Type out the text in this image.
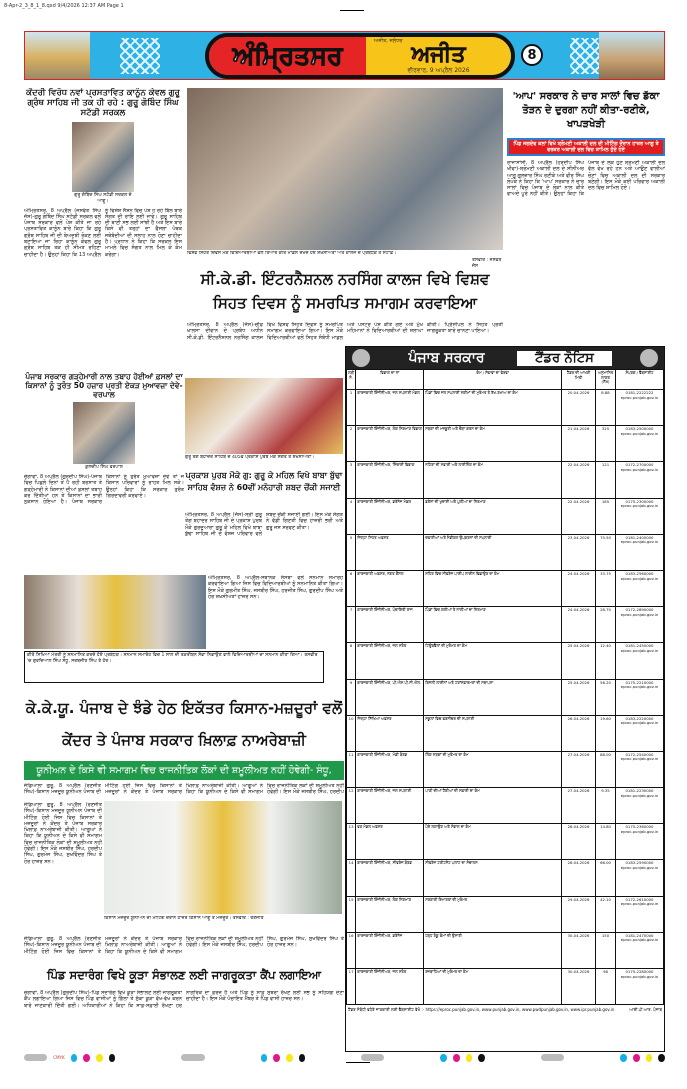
8-Apr-2_3_8_1_8.qxd 9/4/2026 12:37 AM Page 1
ਅੰਮ੍ਰਿਤਸਰ	ਅਜੀਤ, ਜਲੰਧਰ
ਅਜੀਤ
ਵੀਰਵਾਰ, 9 ਅਪ੍ਰੈਲ 2026
8
ਕੇਂਦਰੀ ਵਿਰੋਧ ਨਵਾਂ ਪ੍ਰਸਤਾਵਿਤ ਕਾਨੂੰਨ ਕੇਵਲ ਗੁਰੂ ਗ੍ਰੰਥ ਸਾਹਿਬ ਜੀ ਤਕ ਹੀ ਰਹੇ : ਗੁਰੂ ਗੋਬਿੰਦ ਸਿੰਘ ਸਟੱਡੀ ਸਰਕਲ
ਗੁਰੂ ਗੋਬਿੰਦ ਸਿੰਘ ਸਟੱਡੀ ਸਰਕਲ ਦੇ ਆਗੂ।
ਅੰਮ੍ਰਿਤਸਰ, 8 ਅਪ੍ਰੈਲ (ਜਸਵੰਤ ਸਿੰਘ ਜੱਸ)-ਗੁਰੂ ਗੋਬਿੰਦ ਸਿੰਘ ਸਟੱਡੀ ਸਰਕਲ ਵਲੋਂ ਪੰਜਾਬ ਸਰਕਾਰ ਵਲੋਂ ਪੇਸ਼ ਕੀਤੇ ਜਾ ਰਹੇ ਪ੍ਰਸਤਾਵਿਤ ਕਾਨੂੰਨ ਬਾਰੇ ਕਿਹਾ ਕਿ ਗੁਰੂ ਗ੍ਰੰਥ ਸਾਹਿਬ ਜੀ ਦੀ ਬੇਅਦਬੀ ਰੋਕਣ ਲਈ ਬਣਾਇਆ ਜਾ ਰਿਹਾ ਕਾਨੂੰਨ ਕੇਵਲ ਗੁਰੂ ਗ੍ਰੰਥ ਸਾਹਿਬ ਤਕ ਹੀ ਸੀਮਤ ਰਹਿਣਾ ਚਾਹੀਦਾ ਹੈ। ਉਨ੍ਹਾਂ ਕਿਹਾ ਕਿ 13 ਅਪ੍ਰੈਲ ਨੂੰ ਵਿਸ਼ੇਸ਼ ਸੈਸ਼ਨ ਵਿਚ ਪੇਸ਼ ਹੋ ਰਹੇ ਬਿੱਲ ਬਾਰੇ ਸੰਗਤ ਦੀ ਰਾਇ ਲਈ ਜਾਵੇ। ਗੁਰੂ ਸਾਹਿਬ ਦੀ ਬਾਣੀ ਸਭ ਲਈ ਸਾਂਝੀ ਹੈ ਅਤੇ ਇਸ ਬਾਰੇ ਕਿਸੇ ਵੀ ਤਰ੍ਹਾਂ ਦਾ ਫੈਸਲਾ ਪੰਥਕ ਜਥੇਬੰਦੀਆਂ ਦੀ ਸਲਾਹ ਨਾਲ ਹੋਣਾ ਚਾਹੀਦਾ ਹੈ। ਪ੍ਰਧਾਨ ਨੇ ਕਿਹਾ ਕਿ ਸਰਕਲ ਇਸ ਮਾਮਲੇ ਵਿਚ ਸੰਗਤ ਨਾਲ ਮਿਲ ਕੇ ਕੰਮ ਕਰੇਗਾ।	ਵਿਸ਼ਵ ਸਿਹਤ ਦਿਵਸ ਮੌਕੇ ਵਿਦਿਆਰਥੀਆਂ ਵਲੋਂ ਤਿਆਰ ਕੀਤੇ ਮਾਡਲ ਦੇਖਦੇ ਹੋਏ ਸ਼ਖ਼ਸੀਅਤਾਂ ਅਤੇ ਕਾਲਜ ਦੇ ਪ੍ਰਬੰਧਕ ਤੇ ਸਟਾਫ਼।
ਤਸਵੀਰ : ਜਸਵੰਤ ਜੱਸ
ਸੀ.ਕੇ.ਡੀ. ਇੰਟਰਨੈਸ਼ਨਲ ਨਰਸਿੰਗ ਕਾਲਜ ਵਿਖੇ ਵਿਸ਼ਵ ਸਿਹਤ ਦਿਵਸ ਨੂੰ ਸਮਰਪਿਤ ਸਮਾਗਮ ਕਰਵਾਇਆ
ਅੰਮ੍ਰਿਤਸਰ, 8 ਅਪ੍ਰੈਲ (ਜੱਸ)-ਚੀਫ਼ ਖ਼ਾਲਸਾ ਦੀਵਾਨ ਦੇ ਪ੍ਰਬੰਧ ਅਧੀਨ ਸੀ.ਕੇ.ਡੀ. ਇੰਟਰਨੈਸ਼ਨਲ ਨਰਸਿੰਗ ਕਾਲਜ ਵਿਖੇ ਵਿਸ਼ਵ ਸਿਹਤ ਦਿਵਸ ਨੂੰ ਸਮਰਪਿਤ ਸਮਾਗਮ ਕਰਵਾਇਆ ਗਿਆ। ਇਸ ਮੌਕੇ ਵਿਦਿਆਰਥੀਆਂ ਵਲੋਂ ਸਿਹਤ ਸੰਬੰਧੀ ਮਾਡਲ ਅਤੇ ਪੋਸਟਰ ਪੇਸ਼ ਕੀਤੇ ਗਏ ਅਤੇ ਮੁੱਖ ਮਹਿਮਾਨਾਂ ਨੇ ਵਿਦਿਆਰਥੀਆਂ ਦੀ ਸ਼ਲਾਘਾ ਕੀਤੀ। ਪ੍ਰਿੰਸੀਪਲ ਨੇ ਸਿਹਤ ਪ੍ਰਤੀ ਜਾਗਰੂਕਤਾ ਬਾਰੇ ਚਾਨਣਾ ਪਾਇਆ।
'ਆਪ' ਸਰਕਾਰ ਨੇ ਚਾਰ ਸਾਲਾਂ ਵਿਚ ਡੱਕਾ ਤੋੜਨ ਦੇ ਦੁਰਗਾ ਨਹੀਂ ਕੀਤਾ-ਰਣੀਕੇ, ਖਾਪੜਖੇੜੀ
ਪਿੰਡ ਜਗਦੇਵ ਕਲਾਂ ਵਿਖੇ ਸ਼੍ਰੋਮਣੀ ਅਕਾਲੀ ਦਲ ਦੀ ਮੀਟਿੰਗ ਦੌਰਾਨ ਹਾਜ਼ਰ ਆਗੂ ਤੇ ਵਰਕਰ ਅਕਾਲੀ ਦਲ ਵਿਚ ਸ਼ਾਮਿਲ ਹੁੰਦੇ ਹੋਏ
ਰਾਜਾਸਾਂਸੀ, 8 ਅਪ੍ਰੈਲ (ਹਰਦੀਪ ਸਿੰਘ ਖੀਵਾ)-ਸ਼੍ਰੋਮਣੀ ਅਕਾਲੀ ਦਲ ਦੇ ਸੀਨੀਅਰ ਆਗੂ ਗੁਲਜ਼ਾਰ ਸਿੰਘ ਰਣੀਕੇ ਅਤੇ ਵੀਰ ਸਿੰਘ ਲੋਪੋਕੇ ਨੇ ਕਿਹਾ ਕਿ 'ਆਪ' ਸਰਕਾਰ ਨੇ ਚਾਰ ਸਾਲਾਂ ਵਿਚ ਪੰਜਾਬ ਦੇ ਲੋਕਾਂ ਨਾਲ ਕੀਤੇ ਵਾਅਦੇ ਪੂਰੇ ਨਹੀਂ ਕੀਤੇ। ਉਨ੍ਹਾਂ ਕਿਹਾ ਕਿ ਪੰਜਾਬ ਦੇ ਲੋਕ ਹੁਣ ਸ਼੍ਰੋਮਣੀ ਅਕਾਲੀ ਦਲ ਵੱਲ ਵੇਖ ਰਹੇ ਹਨ ਅਤੇ ਆਉਣ ਵਾਲੀਆਂ ਚੋਣਾਂ ਵਿਚ ਅਕਾਲੀ ਦਲ ਦੀ ਸਰਕਾਰ ਬਣੇਗੀ। ਇਸ ਮੌਕੇ ਕਈ ਪਰਿਵਾਰ ਅਕਾਲੀ ਦਲ ਵਿਚ ਸ਼ਾਮਿਲ ਹੋਏ।
ਪੰਜਾਬ ਸਰਕਾਰ	ਟੈਂਡਰ ਨੋਟਿਸ
ਲੜੀ ਨੰ.	ਵਿਭਾਗ ਦਾ ਨਾਂ	ਕੰਮ / ਸੇਵਾਵਾਂ ਦਾ ਵੇਰਵਾ	ਟੈਂਡਰ ਦੀ ਆਖਰੀ ਮਿਤੀ	ਅਨੁਮਾਨਿਤ ਲਾਗਤ (ਲੱਖ)	ਸੰਪਰਕ / ਵੈੱਬਸਾਈਟ
1	ਕਾਰਜਕਾਰੀ ਇੰਜੀਨੀਅਰ, ਜਲ ਸਪਲਾਈ ਮੰਡਲ	ਪਿੰਡਾਂ ਵਿਚ ਜਲ ਸਪਲਾਈ ਸਕੀਮਾਂ ਦੀ ਮੁਰੰਮਤ ਤੇ ਰੱਖ-ਰਖਾਅ ਦਾ ਕੰਮ	20.04.2026	8.88	0181-2222222 eproc.punjab.gov.in
2	ਕਾਰਜਕਾਰੀ ਇੰਜੀਨੀਅਰ, ਲੋਕ ਨਿਰਮਾਣ ਵਿਭਾਗ	ਸੜਕਾਂ ਦੀ ਮਜ਼ਬੂਤੀ ਅਤੇ ਚੌੜਾ ਕਰਨ ਦਾ ਕੰਮ	21.04.2026	325	0183-2500000 eproc.punjab.gov.in
3	ਕਾਰਜਕਾਰੀ ਇੰਜੀਨੀਅਰ, ਸਿੰਚਾਈ ਵਿਭਾਗ	ਨਹਿਰਾਂ ਦੀ ਸਫ਼ਾਈ ਅਤੇ ਲਾਈਨਿੰਗ ਦਾ ਕੰਮ	22.04.2026	121	0172-2700000 eproc.punjab.gov.in
4	ਕਾਰਜਕਾਰੀ ਇੰਜੀਨੀਅਰ, ਡਰੇਨੇਜ ਮੰਡਲ	ਡਰੇਨਾਂ ਦੀ ਖੁਦਾਈ ਅਤੇ ਪੁਲੀਆਂ ਦਾ ਨਿਰਮਾਣ	22.04.2026	185	0175-2300000 eproc.punjab.gov.in
5	ਜ਼ਿਲ੍ਹਾ ਸਿਹਤ ਅਫ਼ਸਰ	ਦਵਾਈਆਂ ਅਤੇ ਮੈਡੀਕਲ ਉਪਕਰਨਾਂ ਦੀ ਸਪਲਾਈ	23.04.2026	75.50	0181-2400000 eproc.punjab.gov.in
6	ਕਾਰਜਕਾਰੀ ਅਫ਼ਸਰ, ਨਗਰ ਕੌਂਸਲ	ਸ਼ਹਿਰ ਵਿਚ ਸੀਵਰੇਜ ਪਾਈਪ ਲਾਈਨ ਵਿਛਾਉਣ ਦਾ ਕੰਮ	24.04.2026	33.75	0183-2560000 eproc.punjab.gov.in
7	ਕਾਰਜਕਾਰੀ ਇੰਜੀਨੀਅਰ, ਪੰਚਾਇਤੀ ਰਾਜ	ਪਿੰਡਾਂ ਵਿਚ ਗਲੀਆਂ ਤੇ ਨਾਲੀਆਂ ਦਾ ਨਿਰਮਾਣ	24.04.2026	28.70	0172-2890000 eproc.punjab.gov.in
8	ਕਾਰਜਕਾਰੀ ਇੰਜੀਨੀਅਰ, ਜਲ ਸਰੋਤ	ਟਿਊਬਵੈੱਲਾਂ ਦੀ ਮੁਰੰਮਤ ਦਾ ਕੰਮ	25.04.2026	12.40	0181-2450000 eproc.punjab.gov.in
9	ਕਾਰਜਕਾਰੀ ਇੰਜੀਨੀਅਰ, ਪੀ.ਐਸ.ਪੀ.ਸੀ.ਐਲ.	ਬਿਜਲੀ ਲਾਈਨਾਂ ਅਤੇ ਟਰਾਂਸਫ਼ਾਰਮਰਾਂ ਦੀ ਸਥਾਪਨਾ	25.04.2026	56.20	0175-2210000 eproc.punjab.gov.in
10	ਜ਼ਿਲ੍ਹਾ ਸਿੱਖਿਆ ਅਫ਼ਸਰ	ਸਕੂਲਾਂ ਵਿਚ ਫਰਨੀਚਰ ਦੀ ਸਪਲਾਈ	26.04.2026	19.60	0183-2220000 eproc.punjab.gov.in
11	ਕਾਰਜਕਾਰੀ ਇੰਜੀਨੀਅਰ, ਮੰਡੀ ਬੋਰਡ	ਲਿੰਕ ਸੜਕਾਂ ਦੀ ਮੁਰੰਮਤ ਦਾ ਕੰਮ	27.04.2026	88.00	0172-2540000 eproc.punjab.gov.in
12	ਕਾਰਜਕਾਰੀ ਇੰਜੀਨੀਅਰ, ਜਲ ਸਪਲਾਈ	ਪਾਣੀ ਦੀਆਂ ਟੈਂਕੀਆਂ ਦੀ ਸਫ਼ਾਈ ਦਾ ਕੰਮ	27.04.2026	9.35	0181-2230000 eproc.punjab.gov.in
13	ਵਣ ਮੰਡਲ ਅਫ਼ਸਰ	ਪੌਦੇ ਲਗਾਉਣ ਅਤੇ ਸੰਭਾਲ ਦਾ ਕੰਮ	28.04.2026	14.80	0175-2360000 eproc.punjab.gov.in
14	ਕਾਰਜਕਾਰੀ ਇੰਜੀਨੀਅਰ, ਸੀਵਰੇਜ ਬੋਰਡ	ਸੀਵਰੇਜ ਟਰੀਟਮੈਂਟ ਪਲਾਂਟ ਦਾ ਸੰਚਾਲਨ	28.04.2026	66.00	0183-2590000 eproc.punjab.gov.in
15	ਕਾਰਜਕਾਰੀ ਇੰਜੀਨੀਅਰ, ਲੋਕ ਨਿਰਮਾਣ	ਸਰਕਾਰੀ ਇਮਾਰਤਾਂ ਦੀ ਮੁਰੰਮਤ	29.04.2026	42.10	0172-2610000 eproc.punjab.gov.in
16	ਕਾਰਜਕਾਰੀ ਇੰਜੀਨੀਅਰ, ਡਰੇਨੇਜ	ਹੜ੍ਹ ਰੋਕੂ ਕੰਮਾਂ ਦੀ ਉਸਾਰੀ	30.04.2026	150	0181-2470000 eproc.punjab.gov.in
17	ਕਾਰਜਕਾਰੀ ਇੰਜੀਨੀਅਰ, ਜਲ ਸਰੋਤ	ਰਜਬਾਹਿਆਂ ਦੀ ਮੁਰੰਮਤ ਦਾ ਕੰਮ	30.04.2026	98	0175-2280000 eproc.punjab.gov.in
ਟੈਂਡਰ ਸੰਬੰਧੀ ਵਧੇਰੇ ਜਾਣਕਾਰੀ ਲਈ ਵੈੱਬਸਾਈਟ ਵੇਖੋ :- https://eproc.punjab.gov.in, www.punjab.gov.in, www.pwdpunjab.gov.in, www.ipr.punjab.gov.in	ਆਈ.ਪੀ.ਆਰ. ਪੰਜਾਬ
ਪੰਜਾਬ ਸਰਕਾਰ ਗੜ੍ਹੇਮਾਰੀ ਨਾਲ ਤਬਾਹ ਹੋਈਆਂ ਫ਼ਸਲਾਂ ਦਾ ਕਿਸਾਨਾਂ ਨੂੰ ਤੁਰੰਤ 50 ਹਜ਼ਾਰ ਪ੍ਰਤੀ ਏਕੜ ਮੁਆਵਜ਼ਾ ਦੇਵੇ-ਵਰਪਾਲ
ਕੁਲਦੀਪ ਸਿੰਘ ਵਰਪਾਲ
ਚੌਗਾਵਾਂ, 8 ਅਪ੍ਰੈਲ (ਗੁਰਦੀਪ ਸਿੰਘ)-ਪੰਜਾਬ ਵਿਚ ਪਿਛਲੇ ਦਿਨਾਂ ਤੋਂ ਪੈ ਰਹੀ ਬਰਸਾਤ ਤੇ ਗੜ੍ਹੇਮਾਰੀ ਨੇ ਕਿਸਾਨਾਂ ਦੀਆਂ ਫ਼ਸਲਾਂ ਤਬਾਹ ਕਰ ਦਿੱਤੀਆਂ ਹਨ ਤੇ ਕਿਸਾਨਾਂ ਦਾ ਭਾਰੀ ਨੁਕਸਾਨ ਹੋਇਆ ਹੈ। ਪੰਜਾਬ ਸਰਕਾਰ ਕਿਸਾਨਾਂ ਨੂੰ ਤੁਰੰਤ ਮੁਆਵਜ਼ਾ ਦੇਵੇ ਤਾਂ ਜੋ ਕਿਸਾਨ ਪਰਿਵਾਰਾਂ ਨੂੰ ਰਾਹਤ ਮਿਲ ਸਕੇ। ਉਨ੍ਹਾਂ ਕਿਹਾ ਕਿ ਸਰਕਾਰ ਤੁਰੰਤ ਗਿਰਦਾਵਰੀ ਕਰਵਾਏ।
ਗੁਰੂ ਤੇਗ ਬਹਾਦਰ ਸਾਹਿਬ ਦੇ 405ਵੇਂ ਪ੍ਰਕਾਸ਼ ਪੁਰਬ ਮੌਕੇ ਸੰਗਤ ਤੇ ਸ਼ਖ਼ਸੀਅਤਾਂ।
ਪ੍ਰਕਾਸ਼ ਪੁਰਬ ਮੌਕੇ ਗੁ: ਗੁਰੂ ਕੇ ਮਹਿਲ ਵਿਖੇ ਬਾਬਾ ਬੁੱਢਾ ਸਾਹਿਬ ਵੰਸ਼ਜ਼ ਨੇ 60ਵੀਂ ਮਨੋਹਾਰੀ ਸ਼ਬਦ ਚੌਂਕੀ ਸਜਾਈ
ਅੰਮ੍ਰਿਤਸਰ, 8 ਅਪ੍ਰੈਲ (ਜੱਸ)-ਸ੍ਰੀ ਗੁਰੂ ਤੇਗ ਬਹਾਦਰ ਸਾਹਿਬ ਜੀ ਦੇ ਪ੍ਰਕਾਸ਼ ਪੁਰਬ ਮੌਕੇ ਗੁਰਦੁਆਰਾ ਗੁਰੂ ਕੇ ਮਹਿਲ ਵਿਖੇ ਬਾਬਾ ਬੁੱਢਾ ਸਾਹਿਬ ਜੀ ਦੇ ਵੰਸ਼ਜ਼ ਪਰਿਵਾਰ ਵਲੋਂ ਸ਼ਬਦ ਚੌਂਕੀ ਸਜਾਈ ਗਈ। ਇਸ ਮੌਕੇ ਸੰਗਤ ਨੇ ਵੱਡੀ ਗਿਣਤੀ ਵਿਚ ਹਾਜ਼ਰੀ ਭਰੀ ਅਤੇ ਗੁਰੂ ਜਸ ਸਰਵਣ ਕੀਤਾ।
ਕੀਤੇ ਸਿਖਿਆ ਮੰਤਰੀ ਨੂੰ ਸਨਮਾਨਿਤ ਕਰਦੇ ਹੋਏ ਪ੍ਰਬੰਧਕ। ਸਨਮਾਨ ਸਮਾਰੋਹ ਵਿਚ 1 ਸਾਲ ਦੀ ਤਕਰੀਬਨ ਸੇਵਾ ਨਿਭਾਉਣ ਵਾਲੇ ਵਿਦਿਆਰਥੀਆਂ ਦਾ ਸਨਮਾਨ ਕੀਤਾ ਗਿਆ। ਤਸਵੀਰ 'ਚ ਗੁਰਦਿਆਲ ਸਿੰਘ ਸੰਧੂ, ਸਰਬਜੀਤ ਸਿੰਘ ਤੇ ਹੋਰ।
ਅੰਮ੍ਰਿਤਸਰ, 8 ਅਪ੍ਰੈਲ-ਸਥਾਨਕ ਸੰਸਥਾ ਵਲੋਂ ਸਨਮਾਨ ਸਮਾਰੋਹ ਕਰਵਾਇਆ ਗਿਆ ਜਿਸ ਵਿਚ ਵਿਦਿਆਰਥੀਆਂ ਨੂੰ ਸਨਮਾਨਿਤ ਕੀਤਾ ਗਿਆ। ਇਸ ਮੌਕੇ ਗੁਰਮੀਤ ਸਿੰਘ, ਜਸਬੀਰ ਸਿੰਘ, ਹਰਜੀਤ ਸਿੰਘ, ਗੁਰਦੀਪ ਸਿੰਘ ਅਤੇ ਹੋਰ ਸ਼ਖ਼ਸੀਅਤਾਂ ਹਾਜ਼ਰ ਸਨ।
ਕੇ.ਕੇ.ਯੂ. ਪੰਜਾਬ ਦੇ ਝੰਡੇ ਹੇਠ ਇਕੱਤਰ ਕਿਸਾਨ-ਮਜ਼ਦੂਰਾਂ ਵਲੋਂ ਕੇਂਦਰ ਤੇ ਪੰਜਾਬ ਸਰਕਾਰ ਖ਼ਿਲਾਫ਼ ਨਾਅਰੇਬਾਜ਼ੀ
ਯੂਨੀਅਨ ਦੇ ਕਿਸੇ ਵੀ ਸਮਾਗਮ ਵਿਚ ਰਾਜਨੀਤਿਕ ਲੋਕਾਂ ਦੀ ਸ਼ਮੂਲੀਅਤ ਨਹੀਂ ਹੋਵੇਗੀ- ਸੰਧੂ,
ਜੰਡਿਆਲਾ ਗੁਰੂ, 8 ਅਪ੍ਰੈਲ (ਰਣਜੀਤ ਸਿੰਘ)-ਕਿਸਾਨ ਮਜ਼ਦੂਰ ਯੂਨੀਅਨ ਪੰਜਾਬ ਦੀ ਮੀਟਿੰਗ ਹੋਈ ਜਿਸ ਵਿਚ ਕਿਸਾਨਾਂ ਤੇ ਮਜ਼ਦੂਰਾਂ ਨੇ ਕੇਂਦਰ ਤੇ ਪੰਜਾਬ ਸਰਕਾਰ ਖ਼ਿਲਾਫ਼ ਨਾਅਰੇਬਾਜ਼ੀ ਕੀਤੀ। ਆਗੂਆਂ ਨੇ ਕਿਹਾ ਕਿ ਯੂਨੀਅਨ ਦੇ ਕਿਸੇ ਵੀ ਸਮਾਗਮ ਵਿਚ ਰਾਜਨੀਤਿਕ ਲੋਕਾਂ ਦੀ ਸ਼ਮੂਲੀਅਤ ਨਹੀਂ ਹੋਵੇਗੀ। ਇਸ ਮੌਕੇ ਜਸਬੀਰ ਸਿੰਘ, ਹਰਦੀਪ
ਜੰਡਿਆਲਾ ਗੁਰੂ, 8 ਅਪ੍ਰੈਲ (ਰਣਜੀਤ ਸਿੰਘ)-ਕਿਸਾਨ ਮਜ਼ਦੂਰ ਯੂਨੀਅਨ ਪੰਜਾਬ ਦੀ ਮੀਟਿੰਗ ਹੋਈ ਜਿਸ ਵਿਚ ਕਿਸਾਨਾਂ ਤੇ ਮਜ਼ਦੂਰਾਂ ਨੇ ਕੇਂਦਰ ਤੇ ਪੰਜਾਬ ਸਰਕਾਰ ਖ਼ਿਲਾਫ਼ ਨਾਅਰੇਬਾਜ਼ੀ ਕੀਤੀ। ਆਗੂਆਂ ਨੇ ਕਿਹਾ ਕਿ ਯੂਨੀਅਨ ਦੇ ਕਿਸੇ ਵੀ ਸਮਾਗਮ ਵਿਚ ਰਾਜਨੀਤਿਕ ਲੋਕਾਂ ਦੀ ਸ਼ਮੂਲੀਅਤ ਨਹੀਂ ਹੋਵੇਗੀ। ਇਸ ਮੌਕੇ ਜਸਬੀਰ ਸਿੰਘ, ਹਰਦੀਪ ਸਿੰਘ, ਗੁਰਮੇਜ ਸਿੰਘ, ਸੁਖਵਿੰਦਰ ਸਿੰਘ ਤੇ ਹੋਰ ਹਾਜ਼ਰ ਸਨ।
ਕਿਸਾਨ ਮਜ਼ਦੂਰ ਯੂਨੀਅਨ ਦੀ ਮੀਟਿੰਗ ਦੌਰਾਨ ਹਾਜ਼ਰ ਕਿਸਾਨ ਆਗੂ ਤੇ ਮਜ਼ਦੂਰ। ਤਸਵੀਰ : ਰਣਜੀਤ
ਜੰਡਿਆਲਾ ਗੁਰੂ, 8 ਅਪ੍ਰੈਲ (ਰਣਜੀਤ ਸਿੰਘ)-ਕਿਸਾਨ ਮਜ਼ਦੂਰ ਯੂਨੀਅਨ ਪੰਜਾਬ ਦੀ ਮੀਟਿੰਗ ਹੋਈ ਜਿਸ ਵਿਚ ਕਿਸਾਨਾਂ ਤੇ ਮਜ਼ਦੂਰਾਂ ਨੇ ਕੇਂਦਰ ਤੇ ਪੰਜਾਬ ਸਰਕਾਰ ਖ਼ਿਲਾਫ਼ ਨਾਅਰੇਬਾਜ਼ੀ ਕੀਤੀ। ਆਗੂਆਂ ਨੇ ਕਿਹਾ ਕਿ ਯੂਨੀਅਨ ਦੇ ਕਿਸੇ ਵੀ ਸਮਾਗਮ ਵਿਚ ਰਾਜਨੀਤਿਕ ਲੋਕਾਂ ਦੀ ਸ਼ਮੂਲੀਅਤ ਨਹੀਂ ਹੋਵੇਗੀ। ਇਸ ਮੌਕੇ ਜਸਬੀਰ ਸਿੰਘ, ਹਰਦੀਪ ਸਿੰਘ, ਗੁਰਮੇਜ ਸਿੰਘ, ਸੁਖਵਿੰਦਰ ਸਿੰਘ ਤੇ ਹੋਰ ਹਾਜ਼ਰ ਸਨ।
ਪਿੰਡ ਸਦਾਰੰਗ ਵਿਖੇ ਕੂੜਾ ਸੰਭਾਲਣ ਲਈ ਜਾਗਰੂਕਤਾ ਕੈਂਪ ਲਗਾਇਆ
ਚੋਗਾਵਾਂ, 8 ਅਪ੍ਰੈਲ (ਗੁਰਦੀਪ ਸਿੰਘ)-ਪਿੰਡ ਸਦਾਰੰਗ ਵਿਖੇ ਕੂੜਾ ਸੰਭਾਲਣ ਲਈ ਜਾਗਰੂਕਤਾ ਕੈਂਪ ਲਗਾਇਆ ਗਿਆ ਜਿਸ ਵਿਚ ਪਿੰਡ ਵਾਸੀਆਂ ਨੂੰ ਗਿੱਲਾ ਤੇ ਸੁੱਕਾ ਕੂੜਾ ਵੱਖ-ਵੱਖ ਕਰਨ ਬਾਰੇ ਜਾਣਕਾਰੀ ਦਿੱਤੀ ਗਈ। ਅਧਿਕਾਰੀਆਂ ਨੇ ਕਿਹਾ ਕਿ ਸਾਫ਼-ਸਫ਼ਾਈ ਰੱਖਣਾ ਹਰ ਨਾਗਰਿਕ ਦਾ ਫ਼ਰਜ਼ ਹੈ ਅਤੇ ਪਿੰਡ ਨੂੰ ਸਾਫ਼ ਸੁਥਰਾ ਰੱਖਣ ਲਈ ਸਭ ਨੂੰ ਸਹਿਯੋਗ ਦੇਣਾ ਚਾਹੀਦਾ ਹੈ। ਇਸ ਮੌਕੇ ਪੰਚਾਇਤ ਮੈਂਬਰ ਤੇ ਪਿੰਡ ਵਾਸੀ ਹਾਜ਼ਰ ਸਨ।
CMYK
